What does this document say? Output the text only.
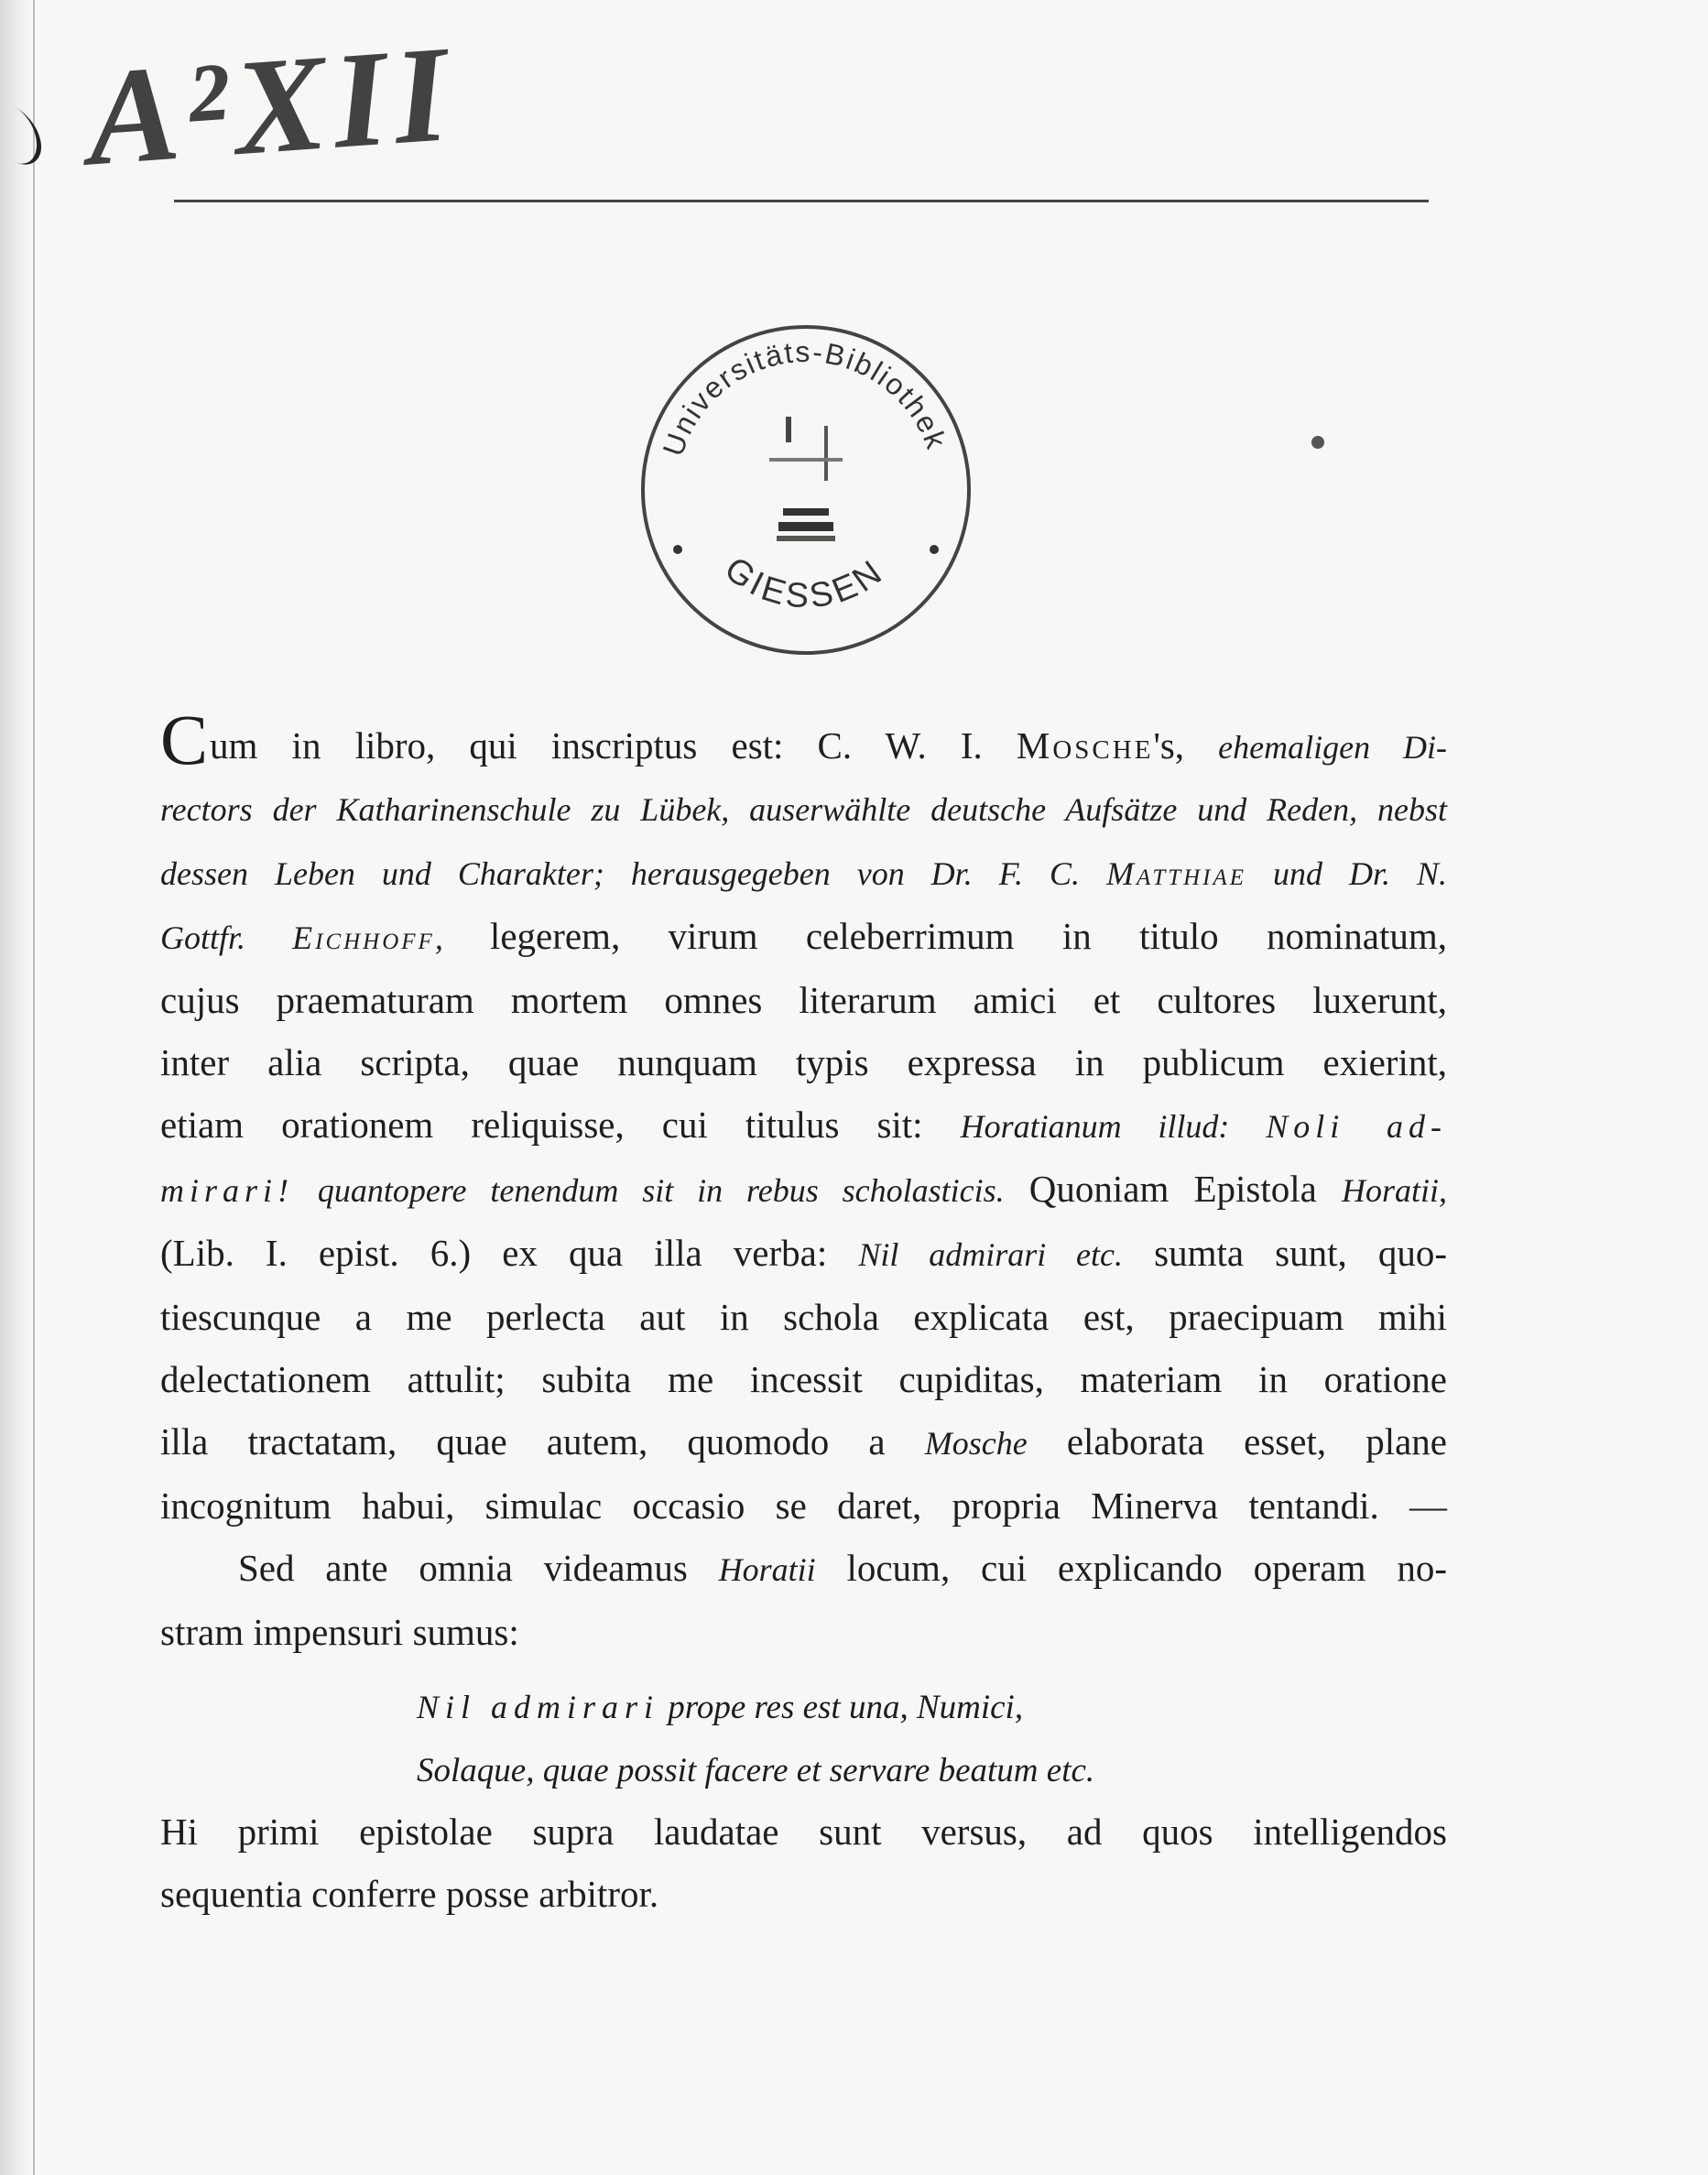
A²XII
Universitäts-Bibliothek
GIESSEN
Cum in libro, qui inscriptus est: C. W. I. Mosche's, ehemaligen Di-
rectors der Katharinenschule zu Lübek, auserwählte deutsche Aufsätze und Reden, nebst
dessen Leben und Charakter; herausgegeben von Dr. F. C. Matthiae und Dr. N.
Gottfr. Eichhoff, legerem, virum celeberrimum in titulo nominatum,
cujus praematuram mortem omnes literarum amici et cultores luxerunt,
inter alia scripta, quae nunquam typis expressa in publicum exierint,
etiam orationem reliquisse, cui titulus sit: Horatianum illud: Noli ad-
mirari! quantopere tenendum sit in rebus scholasticis. Quoniam Epistola Horatii,
(Lib. I. epist. 6.) ex qua illa verba: Nil admirari etc. sumta sunt, quo-
tiescunque a me perlecta aut in schola explicata est, praecipuam mihi
delectationem attulit; subita me incessit cupiditas, materiam in oratione
illa tractatam, quae autem, quomodo a Mosche elaborata esset, plane
incognitum habui, simulac occasio se daret, propria Minerva tentandi. —
Sed ante omnia videamus Horatii locum, cui explicando operam no-
stram impensuri sumus:
Nil admirari prope res est una, Numici,
Solaque, quae possit facere et servare beatum etc.
Hi primi epistolae supra laudatae sunt versus, ad quos intelligendos
sequentia conferre posse arbitror.
